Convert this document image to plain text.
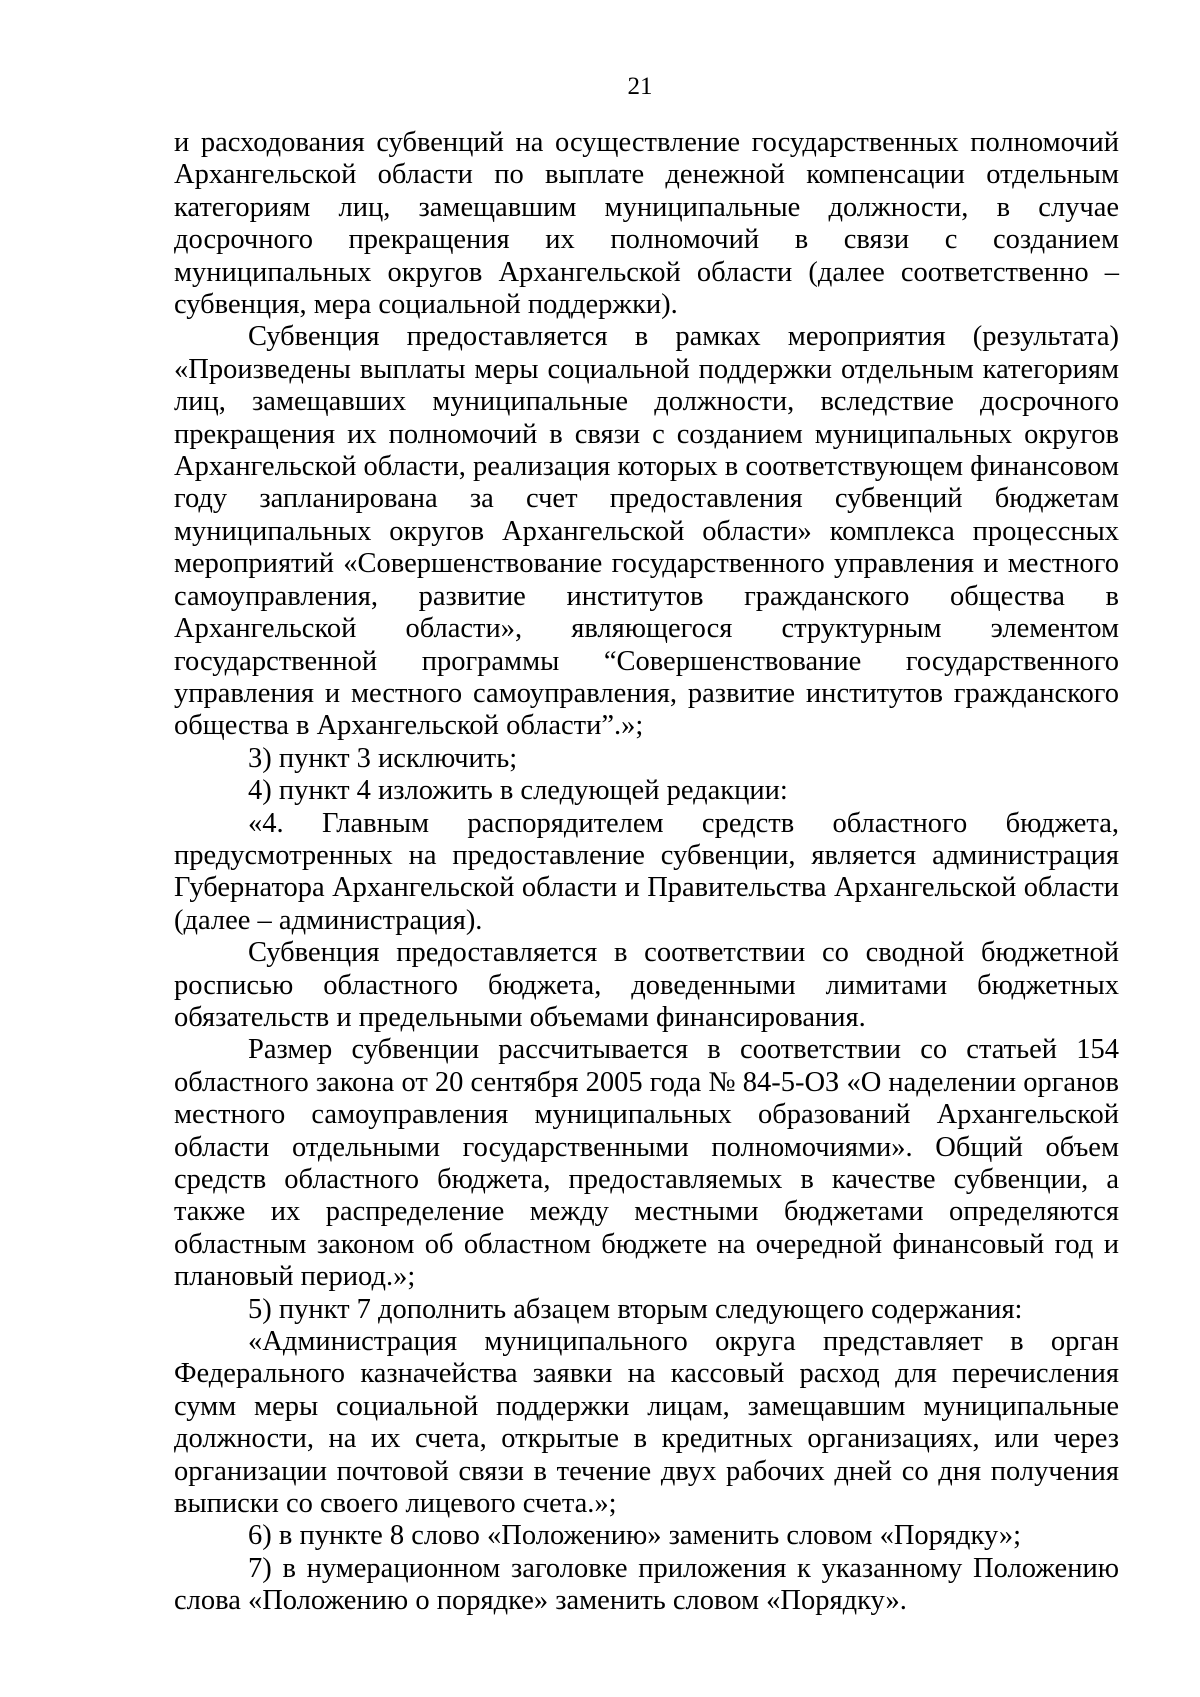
21

и расходования субвенций на осуществление государственных полномочий Архангельской области по выплате денежной компенсации отдельным категориям лиц, замещавшим муниципальные должности, в случае досрочного прекращения их полномочий в связи с созданием муниципальных округов Архангельской области (далее соответственно – субвенция, мера социальной поддержки).

Субвенция предоставляется в рамках мероприятия (результата) «Произведены выплаты меры социальной поддержки отдельным категориям лиц, замещавших муниципальные должности, вследствие досрочного прекращения их полномочий в связи с созданием муниципальных округов Архангельской области, реализация которых в соответствующем финансовом году запланирована за счет предоставления субвенций бюджетам муниципальных округов Архангельской области» комплекса процессных мероприятий «Совершенствование государственного управления и местного самоуправления, развитие институтов гражданского общества в Архангельской области», являющегося структурным элементом государственной программы “Совершенствование государственного управления и местного самоуправления, развитие институтов гражданского общества в Архангельской области”.»;

3) пункт 3 исключить;

4) пункт 4 изложить в следующей редакции:

«4. Главным распорядителем средств областного бюджета, предусмотренных на предоставление субвенции, является администрация Губернатора Архангельской области и Правительства Архангельской области (далее – администрация).

Субвенция предоставляется в соответствии со сводной бюджетной росписью областного бюджета, доведенными лимитами бюджетных обязательств и предельными объемами финансирования.

Размер субвенции рассчитывается в соответствии со статьей 154 областного закона от 20 сентября 2005 года № 84-5-ОЗ «О наделении органов местного самоуправления муниципальных образований Архангельской области отдельными государственными полномочиями». Общий объем средств областного бюджета, предоставляемых в качестве субвенции, а также их распределение между местными бюджетами определяются областным законом об областном бюджете на очередной финансовый год и плановый период.»;

5) пункт 7 дополнить абзацем вторым следующего содержания:

«Администрация муниципального округа представляет в орган Федерального казначейства заявки на кассовый расход для перечисления сумм меры социальной поддержки лицам, замещавшим муниципальные должности, на их счета, открытые в кредитных организациях, или через организации почтовой связи в течение двух рабочих дней со дня получения выписки со своего лицевого счета.»;

6) в пункте 8 слово «Положению» заменить словом «Порядку»;

7) в нумерационном заголовке приложения к указанному Положению слова «Положению о порядке» заменить словом «Порядку».
